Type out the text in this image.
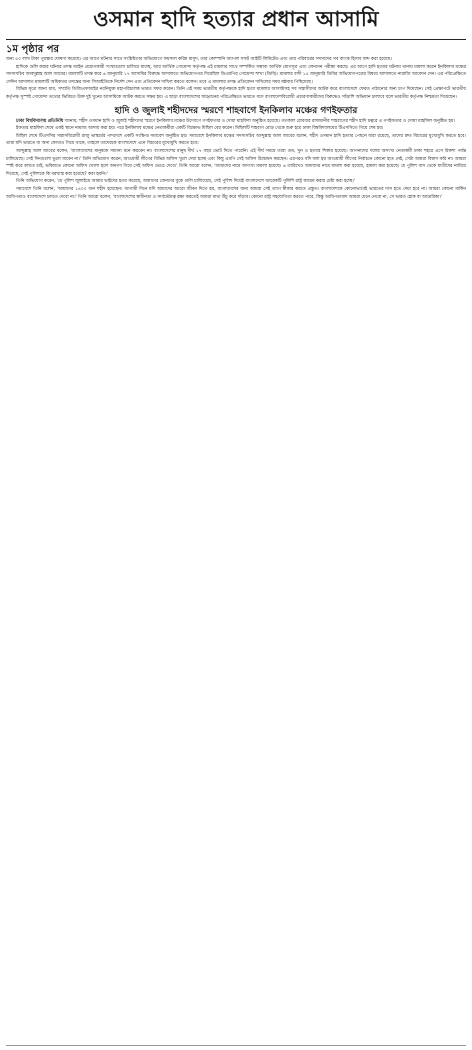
ওসমান হাদি হত্যার প্রধান আসামি

১ম পৃষ্ঠার পর

জন্য ৫০ লাখ টাকা পুরস্কার ঘোষণা করেছে। এর আগে ঘটনার সাথে সংশ্লিষ্টতার অভিযোগে ফয়সাল করিম মাসুদ, তার কোম্পানি অ্যাপল সফট আইটি লিমিটেড এবং তার পরিবারের সদস্যদের সব ব্যাংক হিসাব জব্দ করা হয়েছে।

হাদিকে গুলি করার ঘটনার তদন্ত আইন প্রয়োগকারী সংস্থাগুলো চালিয়ে যাচ্ছে, আর আর্থিক গোয়েন্দা কর্তৃপক্ষ এই মামলার সাথে সম্পর্কিত সম্ভাব্য আর্থিক যোগসূত্র এবং লেনদেন পরীক্ষা করছে। এর আগে হাদি হত্যার ঘটনায় থানায় মামলা করেন ইনকিলাব মঞ্চের সদস্যসচিব আবদুল্লাহ আল জাবের। মামলাটি তদন্ত করে ৬ জানুয়ারি ১৭ আসামির বিরুদ্ধে আদালতে অভিযোগপত্র দিয়েছিল ডিএমপির গোয়েন্দা শাখা (ডিবি)। মামলার বাদী ১৫ জানুয়ারি ডিবির অভিযোগপত্রের বিষয়ে আদালতে নারাজি আবেদন দেন। এর পরিপ্রেক্ষিতে সেদিন আদালত মামলাটি অধিকতর তদন্তের জন্য সিআইডিকে নির্দেশ দেন এবং প্রতিবেদন দাখিল করতে বলেন। তবে এ মামলার তদন্ত প্রতিবেদন দাখিলের সময় ষষ্ঠবার পিছিয়েছে।

বিভিন্ন সূত্রে জানা যায়, সম্প্রতি ডিজিএফআইর নবনিযুক্ত মহাপরিচালক ভারত সফর করেন। তিনি এই সময় ভারতীয় কর্তৃপক্ষকে হাদি হত্যা মামলার আসামিসহ সব সন্ত্রাসীদের আটক করে বাংলাদেশে ফেরত পাঠানোর জন্য চাপ দিয়েছেন। সেই প্রেক্ষাপটে ভারতীয় কর্তৃপক্ষ সুস্পষ্ট গোয়েন্দা তথ্যের ভিত্তিতে উক্ত দুই খুনের আসামিকে আটক করতে সক্ষম হয়। এ ছাড়া বাংলাদেশের আহ্বানের পরিপ্রেক্ষিতে ভারতে বসে বাংলাদেশবিরোধী প্রচারণাকারীদের বিরুদ্ধেও সাঁড়াশি অভিযান চালাবে বলে ভারতীয় কর্তৃপক্ষ নিশ্চয়তা দিয়েছেন।

হাদি ও জুলাই শহীদদের স্মরণে শাহবাগে ইনকিলাব মঞ্চের গণইফতার

ঢাকা বিশ্ববিদ্যালয় প্রতিনিধি জানায়, শহীদ ওসমান হাদি ও জুলাই শহীদদের স্মরণে ইনকিলাব মঞ্চের উদ্যোগে গণইফতার ও দোয়া মাহফিল অনুষ্ঠিত হয়েছে। গতকাল রোববার রাজধানীর শাহবাগের শহীদ হাদি চত্বরে এ গণইফতার ও দোয়া মাহফিল অনুষ্ঠিত হয়।

ইফতার মাহফিল শেষে একই স্থানে নামাজ আদায় করা হয়। পরে ইনকিলাব মঞ্চের নেতাকর্মীরা একটি বিক্ষোভ মিছিল বের করেন। মিছিলটি শাহবাগ মোড় থেকে শুরু হয়ে ঢাকা বিশ্ববিদ্যালয়ের টিএসসিতে গিয়ে শেষ হয়।

মিছিল শেষে টিএসসির সন্ত্রাসবিরোধী রাজু ভাস্কর্যের পাদদেশে একটি সংক্ষিপ্ত সমাবেশ অনুষ্ঠিত হয়। সমাবেশে ইনকিলাব মঞ্চের সদস্যসচিব আব্দুল্লাহ আল জাবের বলেন, শহীদ ওসমান হাদি হত্যার পেছনে যারা রয়েছে, তাদের দ্রুত বিচারের মুখোমুখি করতে হবে। তারা যদি ভারতে বা অন্য কোথাও গিয়ে থাকে, তাহলে তাদেরকে বাংলাদেশে এনে বিচারের মুখোমুখি করতে হবে।

আব্দুল্লাহ আল জাবের বলেন, 'বাংলাদেশের মানুষকে সামান্য মনে করবেন না। বাংলাদেশের মানুষ দীর্ঘ ১৭ বছর ভোট দিতে পারেনি। এই দীর্ঘ সময়ে তারা গুম, খুন ও হত্যার শিকার হয়েছে। আপনাদের দলের অসংখ্য নেতাকর্মী ঢাকা শহরে এসে রিকশা পর্যন্ত চালিয়েছে। সেই দিনগুলো ভুলে যাবেন না।' তিনি অভিযোগ করেন, আওয়ামী লীগের বিভিন্ন অফিস খুলে দেয়া হচ্ছে এবং কিছু এমপি সেই অফিস উদ্বোধন করছেন। এরপরও যদি বলা হয় আওয়ামী লীগের নির্বাচনে কোনো হাত নেই, সেটা আমরা বিশ্বাস করি না। আমরা স্পষ্ট করে বলতে চাই, ভবিষ্যতে কোনো অফিস খোলা হলে জনগণ গিয়ে সেই অফিস ভেঙে দেবে।' তিনি আরো বলেন, 'আমাদের নামে অসংখ্য মামলা হয়েছে। ৬ তারিখেও আমাদের নামে মামলা করা হয়েছে, হামলা করা হয়েছে। যে পুলিশ বাস থেকে যাত্রীদের নামিয়ে দিয়েছে, সেই পুলিশকে কি বরখাস্ত করা হয়েছে? করা হয়নি।'

তিনি অভিযোগ করেন, 'যে পুলিশ জুলাইয়ে আমার ভাইদের হত্যা করেছে, আমাদের বোনদের বুকে গুলি চালিয়েছে, সেই পুলিশ দিয়েই বাংলাদেশে আরেকটি পুলিশি রাষ্ট্র কায়েম করার চেষ্টা করা হচ্ছে।'

সমাবেশে তিনি বলেন, 'আমাদের ১৪০০ জন শহীদ হয়েছেন। আগামী দিনে যদি আমাদের আরো জীবন দিতে হয়, বাংলাদেশের জন্য আমরা সেই ত্যাগ স্বীকার করতে প্রস্তুত। বাংলাদেশকে কোনোভাবেই ভারতের দাস হতে দেয়া হবে না। আমরা কোনো মার্কিন আধিপত্যও বাংলাদেশে চলতে দেবো না।' তিনি আরো বলেন, 'বাংলাদেশের স্বাধীনতা ও সার্বভৌমত্ব রক্ষা করতেই আমরা মাথা উঁচু করে দাঁড়াব। কোনো রাষ্ট্র সহযোগিতা করতে পারে, কিন্তু আধিপত্যবাদ আমরা মেনে নেবো না, সে ভারত হোক বা আমেরিকা।'
